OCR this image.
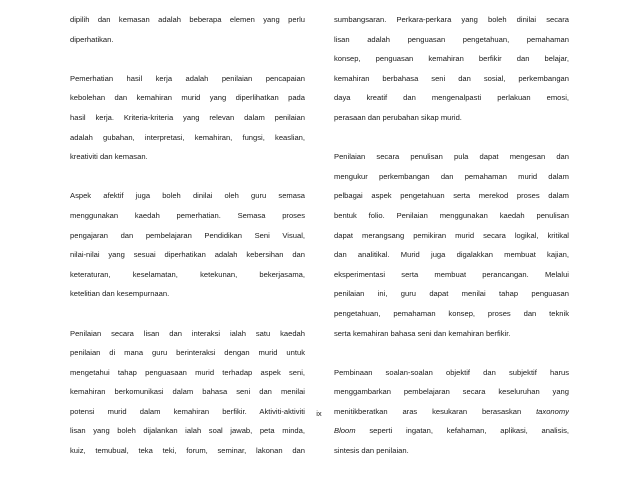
dipilih dan kemasan adalah beberapa elemen yang perlu
diperhatikan.
Pemerhatian hasil kerja adalah penilaian pencapaian
kebolehan dan kemahiran murid yang diperlihatkan pada
hasil kerja. Kriteria-kriteria yang relevan dalam penilaian
adalah gubahan, interpretasi, kemahiran, fungsi, keaslian,
kreativiti dan kemasan.
Aspek afektif juga boleh dinilai oleh guru semasa
menggunakan kaedah pemerhatian. Semasa proses
pengajaran dan pembelajaran Pendidikan Seni Visual,
nilai-nilai yang sesuai diperhatikan adalah kebersihan dan
keteraturan, keselamatan, ketekunan, bekerjasama,
ketelitian dan kesempurnaan.
Penilaian secara lisan dan interaksi ialah satu kaedah
penilaian di mana guru berinteraksi dengan murid untuk
mengetahui tahap penguasaan murid terhadap aspek seni,
kemahiran berkomunikasi dalam bahasa seni dan menilai
potensi murid dalam kemahiran berfikir. Aktiviti-aktiviti
lisan yang boleh dijalankan ialah soal jawab, peta minda,
kuiz, temubual, teka teki, forum, seminar, lakonan dan
sumbangsaran. Perkara-perkara yang boleh dinilai secara
lisan adalah penguasan pengetahuan, pemahaman
konsep, penguasan kemahiran berfikir dan belajar,
kemahiran berbahasa seni dan sosial, perkembangan
daya kreatif dan mengenalpasti perlakuan emosi,
perasaan dan perubahan sikap murid.
Penilaian secara penulisan pula dapat mengesan dan
mengukur perkembangan dan pemahaman murid dalam
pelbagai aspek pengetahuan serta merekod proses dalam
bentuk folio. Penilaian menggunakan kaedah penulisan
dapat merangsang pemikiran murid secara logikal, kritikal
dan analitikal. Murid juga digalakkan membuat kajian,
eksperimentasi serta membuat perancangan. Melalui
penilaian ini, guru dapat menilai tahap penguasan
pengetahuan, pemahaman konsep, proses dan teknik
serta kemahiran bahasa seni dan kemahiran berfikir.
Pembinaan soalan-soalan objektif dan subjektif harus
menggambarkan pembelajaran secara keseluruhan yang
menitikberatkan aras kesukaran berasaskan taxonomy
Bloom seperti ingatan, kefahaman, aplikasi, analisis,
sintesis dan penilaian.
ix
